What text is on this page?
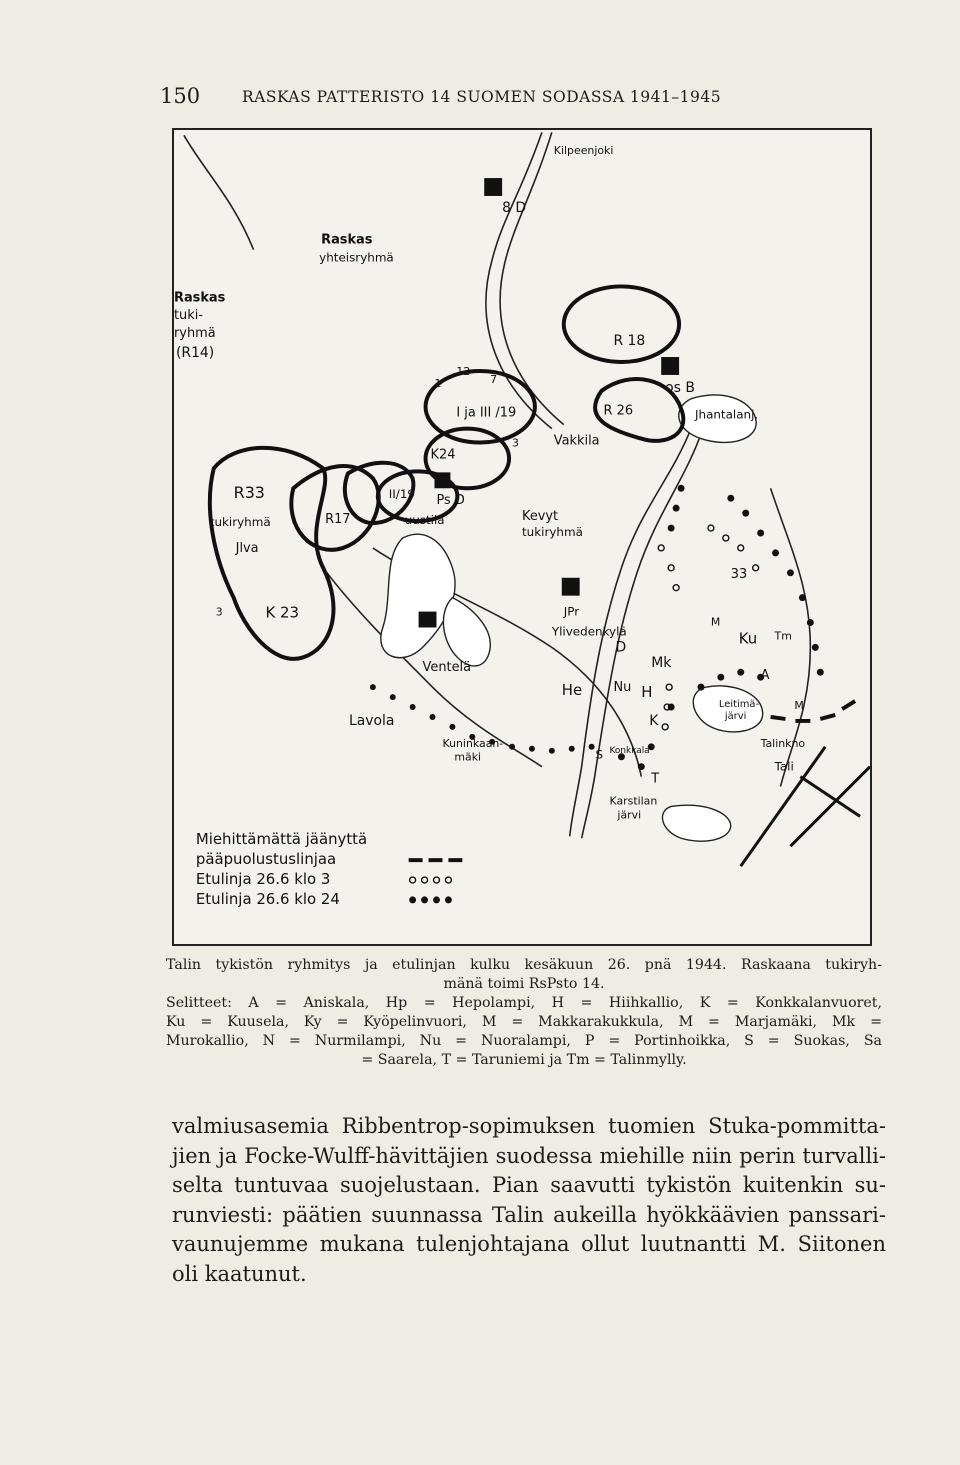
150	RASKAS PATTERISTO 14 SUOMEN SODASSA 1941–1945
Kilpeenjoki
8 D
Raskas
yhteisryhmä
Raskas
tuki-
ryhmä
(R14)
R 18
os B
R 26	Jhantalanj.
12
1	7
I ja III /19
K24
3	Vakkila
R33
R17
II/19 Ps D
uustila	Kevyt
tukiryhmä
tukiryhmä
Jlva
K 23
3
33
JPr
Ylivedenkylä
M
Ku Tm
D
Mk
A
Ventelä
He Nu H
Leitimä-
järvi
M
Lavola	K
Talinkno
Kuninkaan-
mäki	Konkkala
S
Tali
T
Karstilan
järvi
Miehittämättä jäänyttä
pääpuolustuslinjaa
Etulinja 26.6 klo 3
Etulinja 26.6 klo 24

Talin tykistön ryhmitys ja etulinjan kulku kesäkuun 26. pnä 1944. Raskaana tukiryh-

mänä toimi RsPsto 14.

Selitteet: A = Aniskala, Hp = Hepolampi, H = Hiihkallio, K = Konkkalanvuoret,

Ku = Kuusela, Ky = Kyöpelinvuori, M = Makkarakukkula, M = Marjamäki, Mk =

Murokallio, N = Nurmilampi, Nu = Nuoralampi, P = Portinhoikka, S = Suokas, Sa

= Saarela, T = Taruniemi ja Tm = Talinmylly.

valmiusasemia Ribbentrop-sopimuksen tuomien Stuka-pommitta-
jien ja Focke-Wulff-hävittäjien suodessa miehille niin perin turvalli-
selta tuntuvaa suojelustaan. Pian saavutti tykistön kuitenkin su-
runviesti: päätien suunnassa Talin aukeilla hyökkäävien panssari-
vaunujemme mukana tulenjohtajana ollut luutnantti M. Siitonen
oli kaatunut.
